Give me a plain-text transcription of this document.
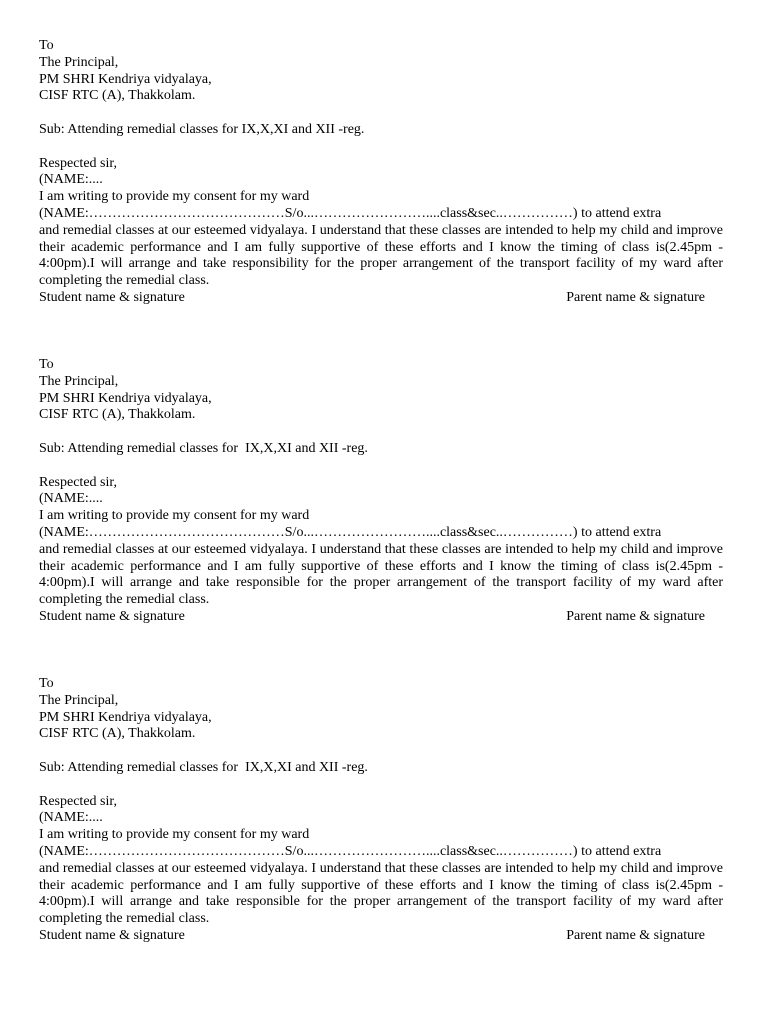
To
The Principal,
PM SHRI Kendriya vidyalaya,
CISF RTC (A), Thakkolam.
Sub: Attending remedial classes for IX,X,XI and XII -reg.
Respected sir,
(NAME:....
I am writing to provide my consent for my ward
(NAME:……………………………………S/o...……………………....class&sec..……………) to attend extra
and remedial classes at our esteemed vidyalaya. I understand that these classes are intended to help my child and improve their academic performance and I am fully supportive of these efforts and I know the timing of class is(2.45pm - 4:00pm).I will arrange and take responsibility for the proper arrangement of the transport facility of my ward after completing the remedial class.
Student name & signature	Parent name & signature
To
The Principal,
PM SHRI Kendriya vidyalaya,
CISF RTC (A), Thakkolam.
Sub: Attending remedial classes for  IX,X,XI and XII -reg.
Respected sir,
(NAME:....
I am writing to provide my consent for my ward
(NAME:……………………………………S/o...……………………....class&sec..……………) to attend extra
and remedial classes at our esteemed vidyalaya. I understand that these classes are intended to help my child and improve their academic performance and I am fully supportive of these efforts and I know the timing of class is(2.45pm - 4:00pm).I will arrange and take responsible for the proper arrangement of the transport facility of my ward after completing the remedial class.
Student name & signature	Parent name & signature
To
The Principal,
PM SHRI Kendriya vidyalaya,
CISF RTC (A), Thakkolam.
Sub: Attending remedial classes for  IX,X,XI and XII -reg.
Respected sir,
(NAME:....
I am writing to provide my consent for my ward
(NAME:……………………………………S/o...……………………....class&sec..……………) to attend extra
and remedial classes at our esteemed vidyalaya. I understand that these classes are intended to help my child and improve their academic performance and I am fully supportive of these efforts and I know the timing of class is(2.45pm - 4:00pm).I will arrange and take responsible for the proper arrangement of the transport facility of my ward after completing the remedial class.
Student name & signature	Parent name & signature
